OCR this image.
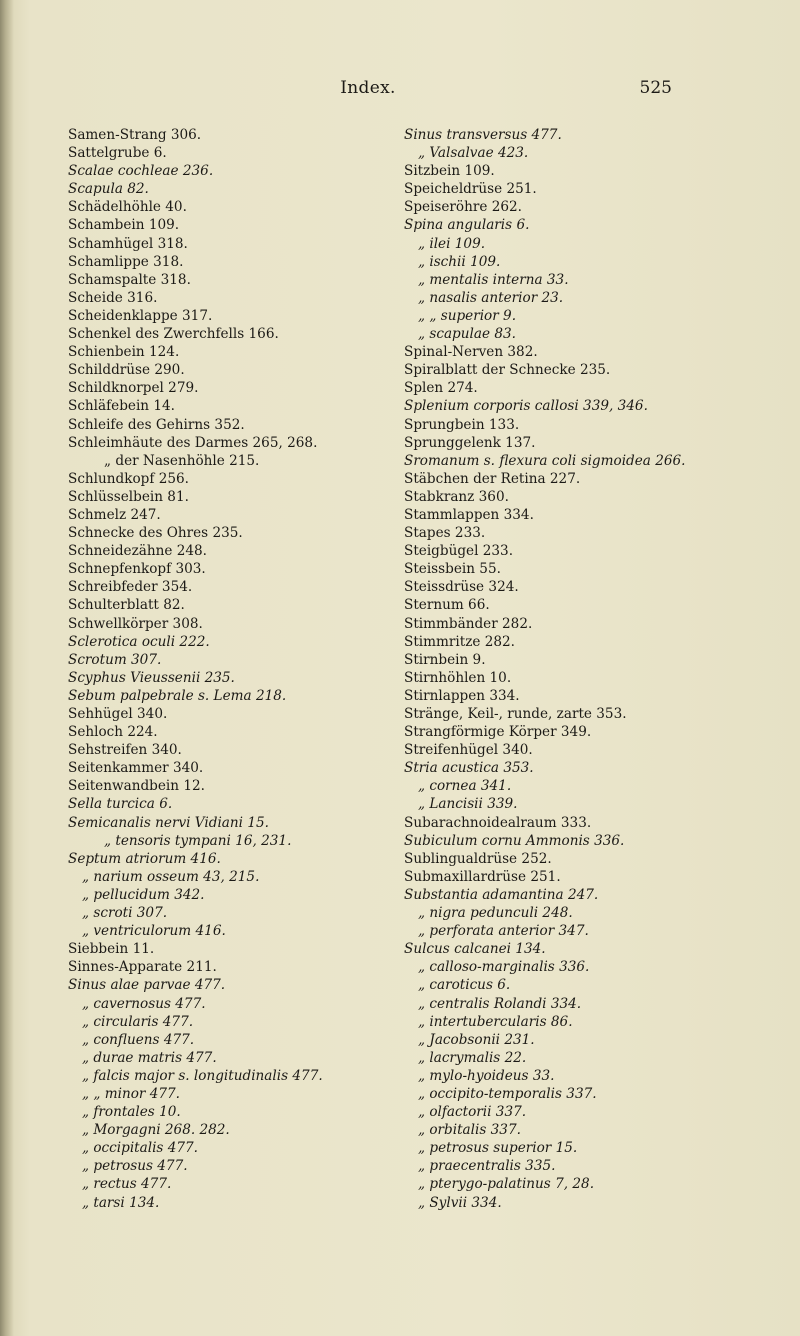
Index.	525
Samen-Strang 306.
Sattelgrube 6.
Scalae cochleae 236.
Scapula 82.
Schädelhöhle 40.
Schambein 109.
Schamhügel 318.
Schamlippe 318.
Schamspalte 318.
Scheide 316.
Scheidenklappe 317.
Schenkel des Zwerchfells 166.
Schienbein 124.
Schilddrüse 290.
Schildknorpel 279.
Schläfebein 14.
Schleife des Gehirns 352.
Schleimhäute des Darmes 265, 268.
„ der Nasenhöhle 215.
Schlundkopf 256.
Schlüsselbein 81.
Schmelz 247.
Schnecke des Ohres 235.
Schneidezähne 248.
Schnepfenkopf 303.
Schreibfeder 354.
Schulterblatt 82.
Schwellkörper 308.
Sclerotica oculi 222.
Scrotum 307.
Scyphus Vieussenii 235.
Sebum palpebrale s. Lema 218.
Sehhügel 340.
Sehloch 224.
Sehstreifen 340.
Seitenkammer 340.
Seitenwandbein 12.
Sella turcica 6.
Semicanalis nervi Vidiani 15.
„ tensoris tympani 16, 231.
Septum atriorum 416.
„ narium osseum 43, 215.
„ pellucidum 342.
„ scroti 307.
„ ventriculorum 416.
Siebbein 11.
Sinnes-Apparate 211.
Sinus alae parvae 477.
„ cavernosus 477.
„ circularis 477.
„ confluens 477.
„ durae matris 477.
„ falcis major s. longitudinalis 477.
„ „ minor 477.
„ frontales 10.
„ Morgagni 268. 282.
„ occipitalis 477.
„ petrosus 477.
„ rectus 477.
„ tarsi 134.
Sinus transversus 477.
„ Valsalvae 423.
Sitzbein 109.
Speicheldrüse 251.
Speiseröhre 262.
Spina angularis 6.
„ ilei 109.
„ ischii 109.
„ mentalis interna 33.
„ nasalis anterior 23.
„ „ superior 9.
„ scapulae 83.
Spinal-Nerven 382.
Spiralblatt der Schnecke 235.
Splen 274.
Splenium corporis callosi 339, 346.
Sprungbein 133.
Sprunggelenk 137.
Sromanum s. flexura coli sigmoidea 266.
Stäbchen der Retina 227.
Stabkranz 360.
Stammlappen 334.
Stapes 233.
Steigbügel 233.
Steissbein 55.
Steissdrüse 324.
Sternum 66.
Stimmbänder 282.
Stimmritze 282.
Stirnbein 9.
Stirnhöhlen 10.
Stirnlappen 334.
Stränge, Keil-, runde, zarte 353.
Strangförmige Körper 349.
Streifenhügel 340.
Stria acustica 353.
„ cornea 341.
„ Lancisii 339.
Subarachnoidealraum 333.
Subiculum cornu Ammonis 336.
Sublingualdrüse 252.
Submaxillardrüse 251.
Substantia adamantina 247.
„ nigra pedunculi 248.
„ perforata anterior 347.
Sulcus calcanei 134.
„ calloso-marginalis 336.
„ caroticus 6.
„ centralis Rolandi 334.
„ intertubercularis 86.
„ Jacobsonii 231.
„ lacrymalis 22.
„ mylo-hyoideus 33.
„ occipito-temporalis 337.
„ olfactorii 337.
„ orbitalis 337.
„ petrosus superior 15.
„ praecentralis 335.
„ pterygo-palatinus 7, 28.
„ Sylvii 334.
